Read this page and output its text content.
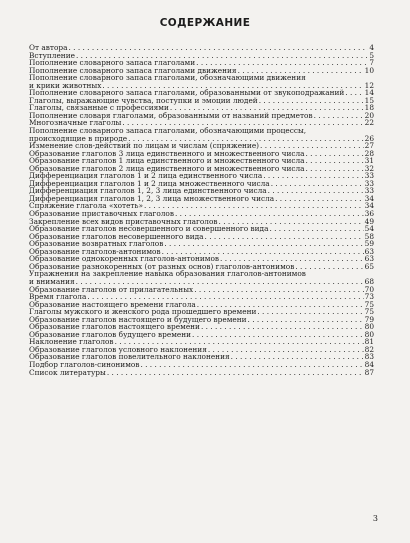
СОДЕРЖАНИЕ
От автора . . .	4
Вступление . . .	5
Пополнение словарного запаса глаголами . . .	7
Пополнение словарного запаса глаголами движения . . .	10
Пополнение словарного запаса глаголами, обозначающими движения
и крики животных . . .	12
Пополнение словарного запаса глаголами, образованными от звукоподражаний . . .	14
Глаголы, выражающие чувства, поступки и эмоции людей . . .	15
Глаголы, связанные с профессиями . . .	18
Пополнение словаря глаголами, образованными от названий предметов . . .	20
Многозначные глаголы . . .	22
Пополнение словарного запаса глаголами, обозначающими процессы,
происходящие в природе . . .	26
Изменение слов-действий по лицам и числам (спряжение) . . .	27
Образование глаголов 3 лица единственного и множественного числа . . .	28
Образование глаголов 1 лица единственного и множественного числа . . .	31
Образование глаголов 2 лица единственного и множественного числа . . .	32
Дифференциация глаголов 1 и 2 лица единственного числа . . .	33
Дифференциация глаголов 1 и 2 лица множественного числа . . .	33
Дифференциация глаголов 1, 2, 3 лица единственного числа . . .	33
Дифференциация глаголов 1, 2, 3 лица множественного числа . . .	34
Спряжение глагола «хотеть» . . .	34
Образование приставочных глаголов . . .	36
Закрепление всех видов приставочных глаголов . . .	49
Образование глаголов несовершенного и совершенного вида . . .	54
Образование глаголов несовершенного вида . . .	58
Образование возвратных глаголов . . .	59
Образование глаголов-антонимов . . .	63
Образование однокоренных глаголов-антонимов . . .	63
Образование разнокоренных (от разных основ) глаголов-антонимов . . .	65
Упражнения на закрепление навыка образования глаголов-антонимов
и внимания . . .	68
Образование глаголов от прилагательных . . .	70
Время глагола . . .	73
Образование настоящего времени глагола . . .	75
Глаголы мужского и женского рода прошедшего времени . . .	75
Образование глаголов настоящего и будущего времени . . .	79
Образование глаголов настоящего времени . . .	80
Образование глаголов будущего времени . . .	80
Наклонение глаголов . . .	81
Образование глаголов условного наклонения . . .	82
Образование глаголов повелительного наклонения . . .	83
Подбор глаголов-синонимов . . .	84
Список литературы . . .	87
3
